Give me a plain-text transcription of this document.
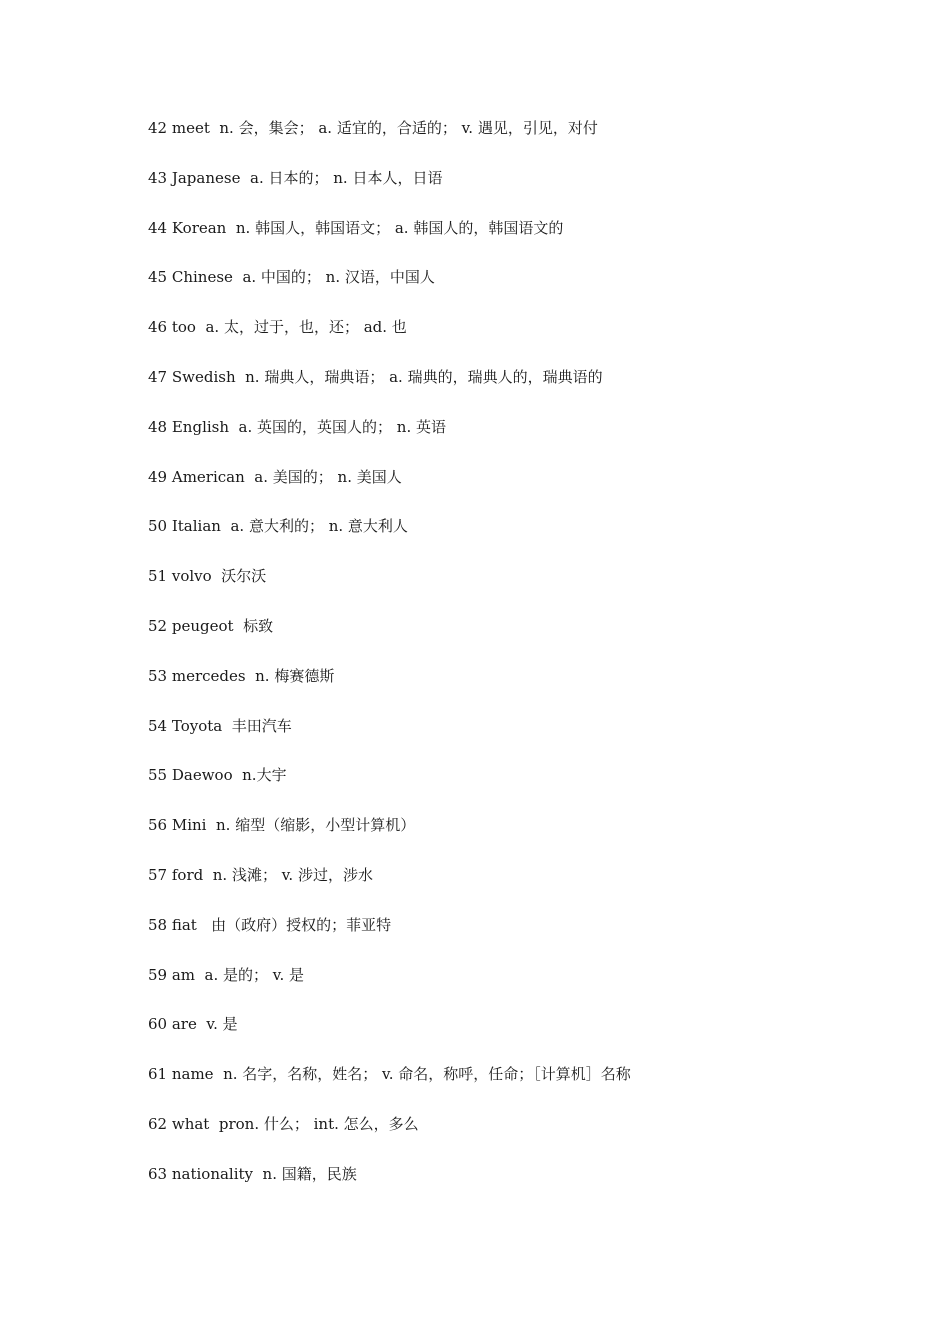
42 meet  n. 会，集会； a. 适宜的，合适的； v. 遇见，引见，对付
43 Japanese  a. 日本的； n. 日本人，日语
44 Korean  n. 韩国人，韩国语文； a. 韩国人的，韩国语文的
45 Chinese  a. 中国的； n. 汉语，中国人
46 too  a. 太，过于，也，还； ad. 也
47 Swedish  n. 瑞典人，瑞典语； a. 瑞典的，瑞典人的，瑞典语的
48 English  a. 英国的，英国人的； n. 英语
49 American  a. 美国的； n. 美国人
50 Italian  a. 意大利的； n. 意大利人
51 volvo  沃尔沃
52 peugeot  标致
53 mercedes  n. 梅赛德斯
54 Toyota  丰田汽车
55 Daewoo  n.大宇
56 Mini  n. 缩型（缩影，小型计算机）
57 ford  n. 浅滩； v. 涉过，涉水
58 fiat   由（政府）授权的；菲亚特
59 am  a. 是的； v. 是
60 are  v. 是
61 name  n. 名字，名称，姓名； v. 命名，称呼，任命；［计算机］名称
62 what  pron. 什么； int. 怎么，多么
63 nationality  n. 国籍，民族
